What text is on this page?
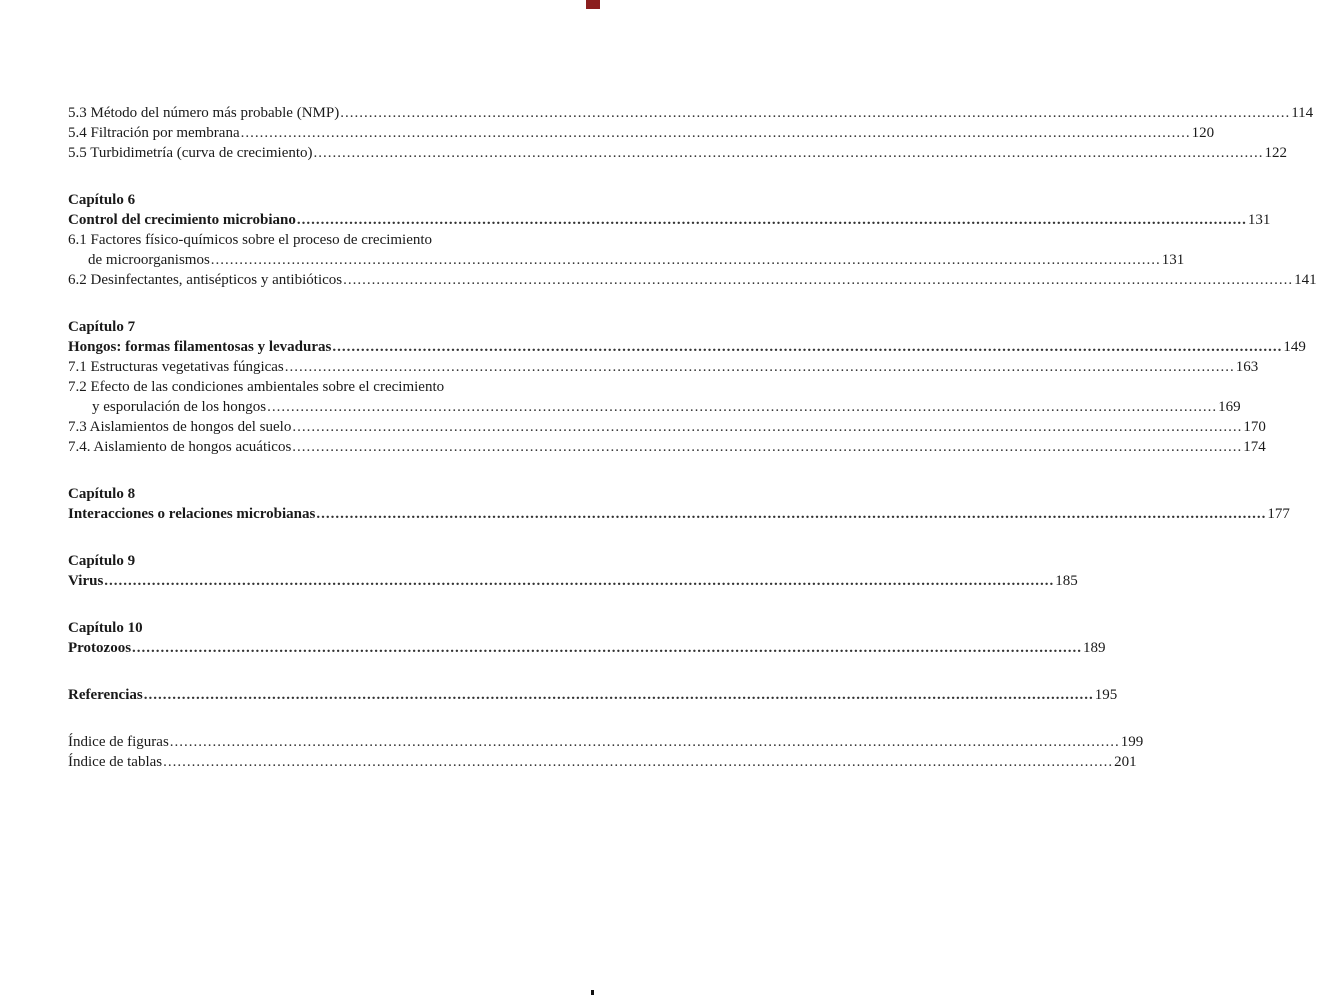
5.3 Método del número más probable (NMP) ........................................................................................................................................................................................................ 114
5.4 Filtración por membrana ........................................................................................................................................................................................................ 120
5.5 Turbidimetría (curva de crecimiento) ........................................................................................................................................................................................................ 122
Capítulo 6
Control del crecimiento microbiano ........................................................................................................................................................................................................ 131
6.1 Factores físico-químicos sobre el proceso de crecimiento
de microorganismos ........................................................................................................................................................................................................ 131
6.2 Desinfectantes, antisépticos y antibióticos ........................................................................................................................................................................................................ 141
Capítulo 7
Hongos: formas filamentosas y levaduras ........................................................................................................................................................................................................ 149
7.1 Estructuras vegetativas fúngicas ........................................................................................................................................................................................................ 163
7.2 Efecto de las condiciones ambientales sobre el crecimiento
y esporulación de los hongos ........................................................................................................................................................................................................ 169
7.3 Aislamientos de hongos del suelo ........................................................................................................................................................................................................ 170
7.4. Aislamiento de hongos acuáticos ........................................................................................................................................................................................................ 174
Capítulo 8
Interacciones o relaciones microbianas ........................................................................................................................................................................................................ 177
Capítulo 9
Virus ........................................................................................................................................................................................................ 185
Capítulo 10
Protozoos ........................................................................................................................................................................................................ 189
Referencias ........................................................................................................................................................................................................ 195
Índice de figuras ........................................................................................................................................................................................................ 199
Índice de tablas ........................................................................................................................................................................................................ 201
